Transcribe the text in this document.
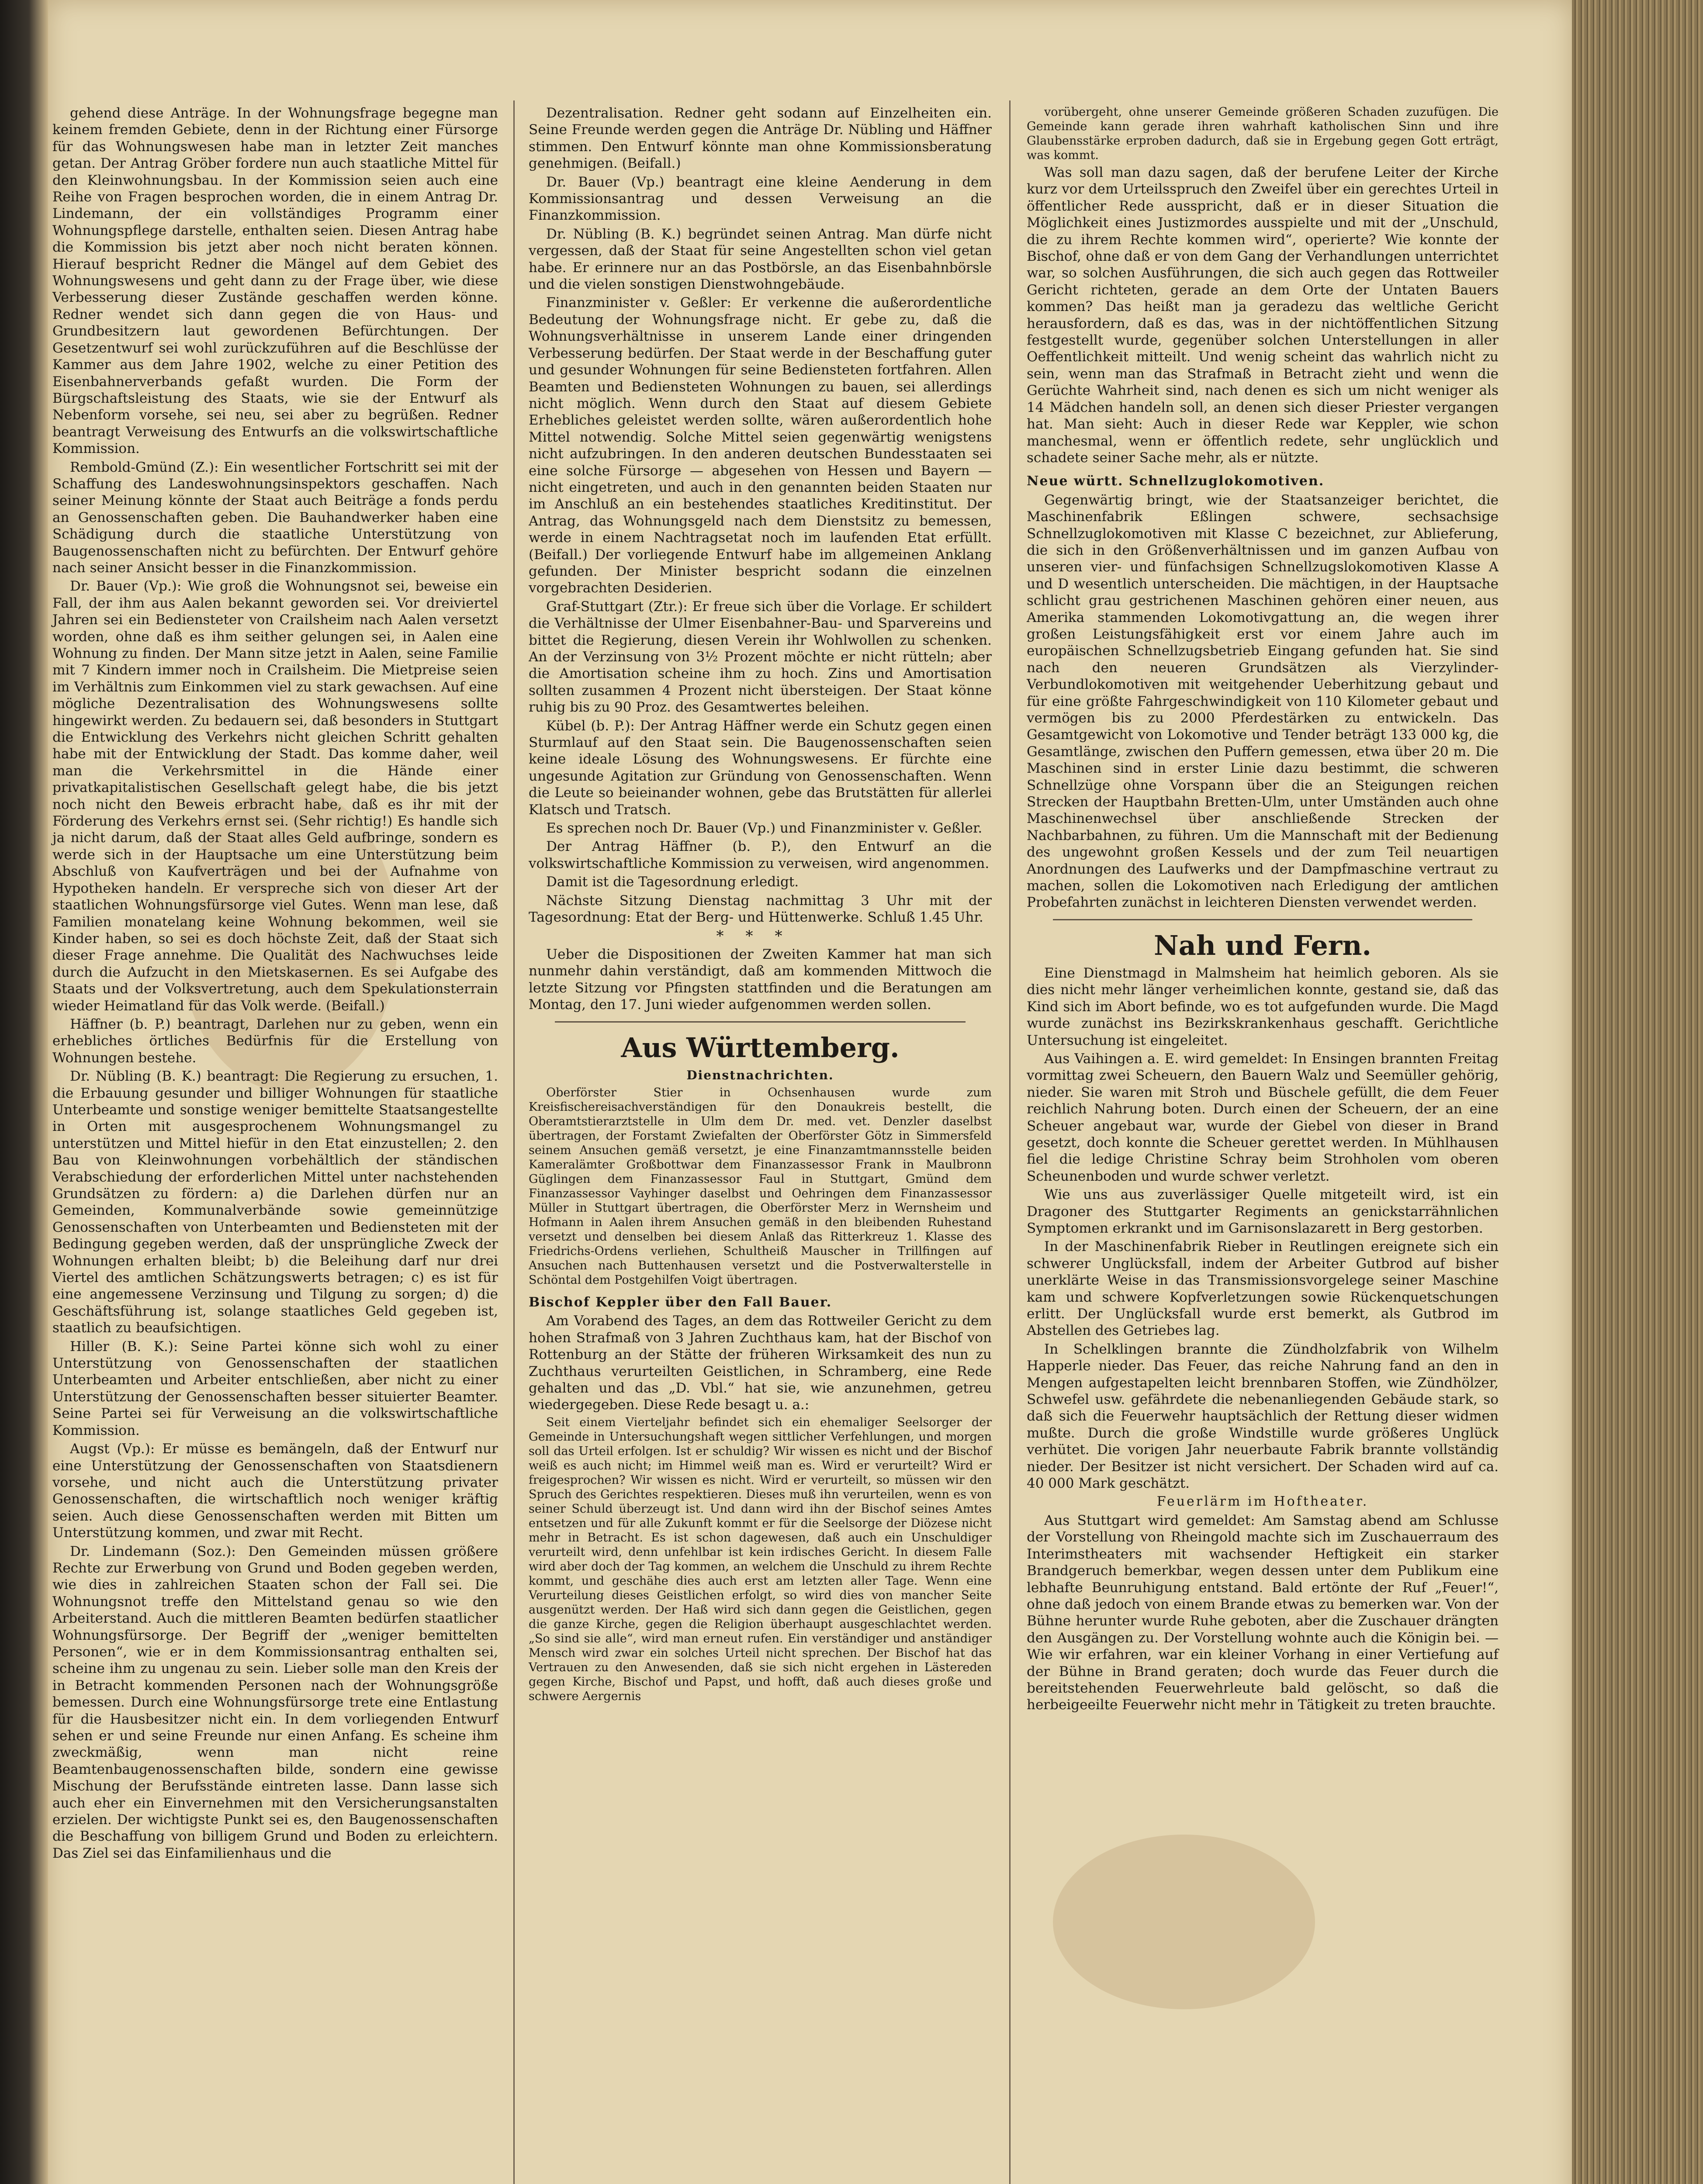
gehend diese Anträge. In der Wohnungsfrage begegne man keinem fremden Gebiete, denn in der Richtung einer Fürsorge für das Wohnungswesen habe man in letzter Zeit manches getan. Der Antrag Gröber fordere nun auch staatliche Mittel für den Kleinwohnungsbau. In der Kommission seien auch eine Reihe von Fragen besprochen worden, die in einem Antrag Dr. Lindemann, der ein vollständiges Programm einer Wohnungspflege darstelle, enthalten seien. Diesen Antrag habe die Kommission bis jetzt aber noch nicht beraten können. Hierauf bespricht Redner die Mängel auf dem Gebiet des Wohnungswesens und geht dann zu der Frage über, wie diese Verbesserung dieser Zustände geschaffen werden könne. Redner wendet sich dann gegen die von Haus- und Grundbesitzern laut gewordenen Befürchtungen. Der Gesetzentwurf sei wohl zurückzuführen auf die Beschlüsse der Kammer aus dem Jahre 1902, welche zu einer Petition des Eisenbahnerverbands gefaßt wurden. Die Form der Bürgschaftsleistung des Staats, wie sie der Entwurf als Nebenform vorsehe, sei neu, sei aber zu begrüßen. Redner beantragt Verweisung des Entwurfs an die volkswirtschaftliche Kommission.

Rembold-Gmünd (Z.): Ein wesentlicher Fortschritt sei mit der Schaffung des Landeswohnungsinspektors geschaffen. Nach seiner Meinung könnte der Staat auch Beiträge a fonds perdu an Genossenschaften geben. Die Bauhandwerker haben eine Schädigung durch die staatliche Unterstützung von Baugenossenschaften nicht zu befürchten. Der Entwurf gehöre nach seiner Ansicht besser in die Finanzkommission.

Dr. Bauer (Vp.): Wie groß die Wohnungsnot sei, beweise ein Fall, der ihm aus Aalen bekannt geworden sei. Vor dreiviertel Jahren sei ein Bediensteter von Crailsheim nach Aalen versetzt worden, ohne daß es ihm seither gelungen sei, in Aalen eine Wohnung zu finden. Der Mann sitze jetzt in Aalen, seine Familie mit 7 Kindern immer noch in Crailsheim. Die Mietpreise seien im Verhältnis zum Einkommen viel zu stark gewachsen. Auf eine mögliche Dezentralisation des Wohnungswesens sollte hingewirkt werden. Zu bedauern sei, daß besonders in Stuttgart die Entwicklung des Verkehrs nicht gleichen Schritt gehalten habe mit der Entwicklung der Stadt. Das komme daher, weil man die Verkehrsmittel in die Hände einer privatkapitalistischen Gesellschaft gelegt habe, die bis jetzt noch nicht den Beweis erbracht habe, daß es ihr mit der Förderung des Verkehrs ernst sei. (Sehr richtig!) Es handle sich ja nicht darum, daß der Staat alles Geld aufbringe, sondern es werde sich in der Hauptsache um eine Unterstützung beim Abschluß von Kaufverträgen und bei der Aufnahme von Hypotheken handeln. Er verspreche sich von dieser Art der staatlichen Wohnungsfürsorge viel Gutes. Wenn man lese, daß Familien monatelang keine Wohnung bekommen, weil sie Kinder haben, so sei es doch höchste Zeit, daß der Staat sich dieser Frage annehme. Die Qualität des Nachwuchses leide durch die Aufzucht in den Mietskasernen. Es sei Aufgabe des Staats und der Volksvertretung, auch dem Spekulationsterrain wieder Heimatland für das Volk werde. (Beifall.)

Häffner (b. P.) beantragt, Darlehen nur zu geben, wenn ein erhebliches örtliches Bedürfnis für die Erstellung von Wohnungen bestehe.

Dr. Nübling (B. K.) beantragt: Die Regierung zu ersuchen, 1. die Erbauung gesunder und billiger Wohnungen für staatliche Unterbeamte und sonstige weniger bemittelte Staatsangestellte in Orten mit ausgesprochenem Wohnungsmangel zu unterstützen und Mittel hiefür in den Etat einzustellen; 2. den Bau von Kleinwohnungen vorbehältlich der ständischen Verabschiedung der erforderlichen Mittel unter nachstehenden Grundsätzen zu fördern: a) die Darlehen dürfen nur an Gemeinden, Kommunalverbände sowie gemeinnützige Genossenschaften von Unterbeamten und Bediensteten mit der Bedingung gegeben werden, daß der unsprüngliche Zweck der Wohnungen erhalten bleibt; b) die Beleihung darf nur drei Viertel des amtlichen Schätzungswerts betragen; c) es ist für eine angemessene Verzinsung und Tilgung zu sorgen; d) die Geschäftsführung ist, solange staatliches Geld gegeben ist, staatlich zu beaufsichtigen.

Hiller (B. K.): Seine Partei könne sich wohl zu einer Unterstützung von Genossenschaften der staatlichen Unterbeamten und Arbeiter entschließen, aber nicht zu einer Unterstützung der Genossenschaften besser situierter Beamter. Seine Partei sei für Verweisung an die volkswirtschaftliche Kommission.

Augst (Vp.): Er müsse es bemängeln, daß der Entwurf nur eine Unterstützung der Genossenschaften von Staatsdienern vorsehe, und nicht auch die Unterstützung privater Genossenschaften, die wirtschaftlich noch weniger kräftig seien. Auch diese Genossenschaften werden mit Bitten um Unterstützung kommen, und zwar mit Recht.

Dr. Lindemann (Soz.): Den Gemeinden müssen größere Rechte zur Erwerbung von Grund und Boden gegeben werden, wie dies in zahlreichen Staaten schon der Fall sei. Die Wohnungsnot treffe den Mittelstand genau so wie den Arbeiterstand. Auch die mittleren Beamten bedürfen staatlicher Wohnungsfürsorge. Der Begriff der „weniger bemittelten Personen“, wie er in dem Kommissionsantrag enthalten sei, scheine ihm zu ungenau zu sein. Lieber solle man den Kreis der in Betracht kommenden Personen nach der Wohnungsgröße bemessen. Durch eine Wohnungsfürsorge trete eine Entlastung für die Hausbesitzer nicht ein. In dem vorliegenden Entwurf sehen er und seine Freunde nur einen Anfang. Es scheine ihm zweckmäßig, wenn man nicht reine Beamtenbaugenossenschaften bilde, sondern eine gewisse Mischung der Berufsstände eintreten lasse. Dann lasse sich auch eher ein Einvernehmen mit den Versicherungsanstalten erzielen. Der wichtigste Punkt sei es, den Baugenossenschaften die Beschaffung von billigem Grund und Boden zu erleichtern. Das Ziel sei das Einfamilienhaus und die

Dezentralisation. Redner geht sodann auf Einzelheiten ein. Seine Freunde werden gegen die Anträge Dr. Nübling und Häffner stimmen. Den Entwurf könnte man ohne Kommissionsberatung genehmigen. (Beifall.)

Dr. Bauer (Vp.) beantragt eine kleine Aenderung in dem Kommissionsantrag und dessen Verweisung an die Finanzkommission.

Dr. Nübling (B. K.) begründet seinen Antrag. Man dürfe nicht vergessen, daß der Staat für seine Angestellten schon viel getan habe. Er erinnere nur an das Postbörsle, an das Eisenbahnbörsle und die vielen sonstigen Dienstwohngebäude.

Finanzminister v. Geßler: Er verkenne die außerordentliche Bedeutung der Wohnungsfrage nicht. Er gebe zu, daß die Wohnungsverhältnisse in unserem Lande einer dringenden Verbesserung bedürfen. Der Staat werde in der Beschaffung guter und gesunder Wohnungen für seine Bediensteten fortfahren. Allen Beamten und Bediensteten Wohnungen zu bauen, sei allerdings nicht möglich. Wenn durch den Staat auf diesem Gebiete Erhebliches geleistet werden sollte, wären außerordentlich hohe Mittel notwendig. Solche Mittel seien gegenwärtig wenigstens nicht aufzubringen. In den anderen deutschen Bundesstaaten sei eine solche Fürsorge — abgesehen von Hessen und Bayern — nicht eingetreten, und auch in den genannten beiden Staaten nur im Anschluß an ein bestehendes staatliches Kreditinstitut. Der Antrag, das Wohnungsgeld nach dem Dienstsitz zu bemessen, werde in einem Nachtragsetat noch im laufenden Etat erfüllt. (Beifall.) Der vorliegende Entwurf habe im allgemeinen Anklang gefunden. Der Minister bespricht sodann die einzelnen vorgebrachten Desiderien.

Graf-Stuttgart (Ztr.): Er freue sich über die Vorlage. Er schildert die Verhältnisse der Ulmer Eisenbahner-Bau- und Sparvereins und bittet die Regierung, diesen Verein ihr Wohlwollen zu schenken. An der Verzinsung von 3½ Prozent möchte er nicht rütteln; aber die Amortisation scheine ihm zu hoch. Zins und Amortisation sollten zusammen 4 Prozent nicht übersteigen. Der Staat könne ruhig bis zu 90 Proz. des Gesamtwertes beleihen.

Kübel (b. P.): Der Antrag Häffner werde ein Schutz gegen einen Sturmlauf auf den Staat sein. Die Baugenossenschaften seien keine ideale Lösung des Wohnungswesens. Er fürchte eine ungesunde Agitation zur Gründung von Genossenschaften. Wenn die Leute so beieinander wohnen, gebe das Brutstätten für allerlei Klatsch und Tratsch.

Es sprechen noch Dr. Bauer (Vp.) und Finanzminister v. Geßler.

Der Antrag Häffner (b. P.), den Entwurf an die volkswirtschaftliche Kommission zu verweisen, wird angenommen.

Damit ist die Tagesordnung erledigt.

Nächste Sitzung Dienstag nachmittag 3 Uhr mit der Tagesordnung: Etat der Berg- und Hüttenwerke. Schluß 1.45 Uhr.

***

Ueber die Dispositionen der Zweiten Kammer hat man sich nunmehr dahin verständigt, daß am kommenden Mittwoch die letzte Sitzung vor Pfingsten stattfinden und die Beratungen am Montag, den 17. Juni wieder aufgenommen werden sollen.

Aus Württemberg.

Dienstnachrichten.

Oberförster Stier in Ochsenhausen wurde zum Kreisfischereisachverständigen für den Donaukreis bestellt, die Oberamtstierarztstelle in Ulm dem Dr. med. vet. Denzler daselbst übertragen, der Forstamt Zwiefalten der Oberförster Götz in Simmersfeld seinem Ansuchen gemäß versetzt, je eine Finanzamtmannsstelle beiden Kameralämter Großbottwar dem Finanzassessor Frank in Maulbronn Güglingen dem Finanzassessor Faul in Stuttgart, Gmünd dem Finanzassessor Vayhinger daselbst und Oehringen dem Finanzassessor Müller in Stuttgart übertragen, die Oberförster Merz in Wernsheim und Hofmann in Aalen ihrem Ansuchen gemäß in den bleibenden Ruhestand versetzt und denselben bei diesem Anlaß das Ritterkreuz 1. Klasse des Friedrichs-Ordens verliehen, Schultheiß Mauscher in Trillfingen auf Ansuchen nach Buttenhausen versetzt und die Postverwalterstelle in Schöntal dem Postgehilfen Voigt übertragen.

Bischof Keppler über den Fall Bauer.

Am Vorabend des Tages, an dem das Rottweiler Gericht zu dem hohen Strafmaß von 3 Jahren Zuchthaus kam, hat der Bischof von Rottenburg an der Stätte der früheren Wirksamkeit des nun zu Zuchthaus verurteilten Geistlichen, in Schramberg, eine Rede gehalten und das „D. Vbl.“ hat sie, wie anzunehmen, getreu wiedergegeben. Diese Rede besagt u. a.:

Seit einem Vierteljahr befindet sich ein ehemaliger Seelsorger der Gemeinde in Untersuchungshaft wegen sittlicher Verfehlungen, und morgen soll das Urteil erfolgen. Ist er schuldig? Wir wissen es nicht und der Bischof weiß es auch nicht; im Himmel weiß man es. Wird er verurteilt? Wird er freigesprochen? Wir wissen es nicht. Wird er verurteilt, so müssen wir den Spruch des Gerichtes respektieren. Dieses muß ihn verurteilen, wenn es von seiner Schuld überzeugt ist. Und dann wird ihn der Bischof seines Amtes entsetzen und für alle Zukunft kommt er für die Seelsorge der Diözese nicht mehr in Betracht. Es ist schon dagewesen, daß auch ein Unschuldiger verurteilt wird, denn unfehlbar ist kein irdisches Gericht. In diesem Falle wird aber doch der Tag kommen, an welchem die Unschuld zu ihrem Rechte kommt, und geschähe dies auch erst am letzten aller Tage. Wenn eine Verurteilung dieses Geistlichen erfolgt, so wird dies von mancher Seite ausgenützt werden. Der Haß wird sich dann gegen die Geistlichen, gegen die ganze Kirche, gegen die Religion überhaupt ausgeschlachtet werden. „So sind sie alle“, wird man erneut rufen. Ein verständiger und anständiger Mensch wird zwar ein solches Urteil nicht sprechen. Der Bischof hat das Vertrauen zu den Anwesenden, daß sie sich nicht ergehen in Lästereden gegen Kirche, Bischof und Papst, und hofft, daß auch dieses große und schwere Aergernis

vorübergeht, ohne unserer Gemeinde größeren Schaden zuzufügen. Die Gemeinde kann gerade ihren wahrhaft katholischen Sinn und ihre Glaubensstärke erproben dadurch, daß sie in Ergebung gegen Gott erträgt, was kommt.

Was soll man dazu sagen, daß der berufene Leiter der Kirche kurz vor dem Urteilsspruch den Zweifel über ein gerechtes Urteil in öffentlicher Rede ausspricht, daß er in dieser Situation die Möglichkeit eines Justizmordes ausspielte und mit der „Unschuld, die zu ihrem Rechte kommen wird“, operierte? Wie konnte der Bischof, ohne daß er von dem Gang der Verhandlungen unterrichtet war, so solchen Ausführungen, die sich auch gegen das Rottweiler Gericht richteten, gerade an dem Orte der Untaten Bauers kommen? Das heißt man ja geradezu das weltliche Gericht herausfordern, daß es das, was in der nichtöffentlichen Sitzung festgestellt wurde, gegenüber solchen Unterstellungen in aller Oeffentlichkeit mitteilt. Und wenig scheint das wahrlich nicht zu sein, wenn man das Strafmaß in Betracht zieht und wenn die Gerüchte Wahrheit sind, nach denen es sich um nicht weniger als 14 Mädchen handeln soll, an denen sich dieser Priester vergangen hat. Man sieht: Auch in dieser Rede war Keppler, wie schon manchesmal, wenn er öffentlich redete, sehr unglücklich und schadete seiner Sache mehr, als er nützte.

Neue württ. Schnellzuglokomotiven.

Gegenwärtig bringt, wie der Staatsanzeiger berichtet, die Maschinenfabrik Eßlingen schwere, sechsachsige Schnellzuglokomotiven mit Klasse C bezeichnet, zur Ablieferung, die sich in den Größenverhältnissen und im ganzen Aufbau von unseren vier- und fünfachsigen Schnellzugslokomotiven Klasse A und D wesentlich unterscheiden. Die mächtigen, in der Hauptsache schlicht grau gestrichenen Maschinen gehören einer neuen, aus Amerika stammenden Lokomotivgattung an, die wegen ihrer großen Leistungsfähigkeit erst vor einem Jahre auch im europäischen Schnellzugsbetrieb Eingang gefunden hat. Sie sind nach den neueren Grundsätzen als Vierzylinder-Verbundlokomotiven mit weitgehender Ueberhitzung gebaut und für eine größte Fahrgeschwindigkeit von 110 Kilometer gebaut und vermögen bis zu 2000 Pferdestärken zu entwickeln. Das Gesamtgewicht von Lokomotive und Tender beträgt 133 000 kg, die Gesamtlänge, zwischen den Puffern gemessen, etwa über 20 m. Die Maschinen sind in erster Linie dazu bestimmt, die schweren Schnellzüge ohne Vorspann über die an Steigungen reichen Strecken der Hauptbahn Bretten-Ulm, unter Umständen auch ohne Maschinenwechsel über anschließende Strecken der Nachbarbahnen, zu führen. Um die Mannschaft mit der Bedienung des ungewohnt großen Kessels und der zum Teil neuartigen Anordnungen des Laufwerks und der Dampfmaschine vertraut zu machen, sollen die Lokomotiven nach Erledigung der amtlichen Probefahrten zunächst in leichteren Diensten verwendet werden.

Nah und Fern.

Eine Dienstmagd in Malmsheim hat heimlich geboren. Als sie dies nicht mehr länger verheimlichen konnte, gestand sie, daß das Kind sich im Abort befinde, wo es tot aufgefunden wurde. Die Magd wurde zunächst ins Bezirkskrankenhaus geschafft. Gerichtliche Untersuchung ist eingeleitet.

Aus Vaihingen a. E. wird gemeldet: In Ensingen brannten Freitag vormittag zwei Scheuern, den Bauern Walz und Seemüller gehörig, nieder. Sie waren mit Stroh und Büschele gefüllt, die dem Feuer reichlich Nahrung boten. Durch einen der Scheuern, der an eine Scheuer angebaut war, wurde der Giebel von dieser in Brand gesetzt, doch konnte die Scheuer gerettet werden. In Mühlhausen fiel die ledige Christine Schray beim Strohholen vom oberen Scheunenboden und wurde schwer verletzt.

Wie uns aus zuverlässiger Quelle mitgeteilt wird, ist ein Dragoner des Stuttgarter Regiments an genickstarrähnlichen Symptomen erkrankt und im Garnisonslazarett in Berg gestorben.

In der Maschinenfabrik Rieber in Reutlingen ereignete sich ein schwerer Unglücksfall, indem der Arbeiter Gutbrod auf bisher unerklärte Weise in das Transmissionsvorgelege seiner Maschine kam und schwere Kopfverletzungen sowie Rückenquetschungen erlitt. Der Unglücksfall wurde erst bemerkt, als Gutbrod im Abstellen des Getriebes lag.

In Schelklingen brannte die Zündholzfabrik von Wilhelm Happerle nieder. Das Feuer, das reiche Nahrung fand an den in Mengen aufgestapelten leicht brennbaren Stoffen, wie Zündhölzer, Schwefel usw. gefährdete die nebenanliegenden Gebäude stark, so daß sich die Feuerwehr hauptsächlich der Rettung dieser widmen mußte. Durch die große Windstille wurde größeres Unglück verhütet. Die vorigen Jahr neuerbaute Fabrik brannte vollständig nieder. Der Besitzer ist nicht versichert. Der Schaden wird auf ca. 40 000 Mark geschätzt.

Feuerlärm im Hoftheater.

Aus Stuttgart wird gemeldet: Am Samstag abend am Schlusse der Vorstellung von Rheingold machte sich im Zuschauerraum des Interimstheaters mit wachsender Heftigkeit ein starker Brandgeruch bemerkbar, wegen dessen unter dem Publikum eine lebhafte Beunruhigung entstand. Bald ertönte der Ruf „Feuer!“, ohne daß jedoch von einem Brande etwas zu bemerken war. Von der Bühne herunter wurde Ruhe geboten, aber die Zuschauer drängten den Ausgängen zu. Der Vorstellung wohnte auch die Königin bei. — Wie wir erfahren, war ein kleiner Vorhang in einer Vertiefung auf der Bühne in Brand geraten; doch wurde das Feuer durch die bereitstehenden Feuerwehrleute bald gelöscht, so daß die herbeigeeilte Feuerwehr nicht mehr in Tätigkeit zu treten brauchte.
